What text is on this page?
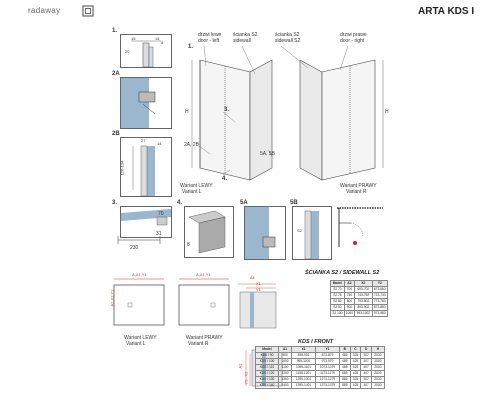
radaway	ARTA KDS I
drzwi lewe
door - left
ścianka S2
sidewall
ścianka S2
sidewall S2
drzwi prawe
door - right
1.
3.
2A, 2B
4.
5A, 5B
H	H
Wariant LEWY
Variant L
Wariant PRAWY
Variant R
1.
20
15	14
8
2A
2B
27
14
126-134
3.
230
31
70
4.
8
5A	5B
S2
A,X1,Y1
A2,X2,Y2
Wariant LEWY
Variant L
A,X1,Y1
Wariant PRAWY
Variant R
A1
X1
Y1
A2
X2
Y2
ŚCIANKA S2 / SIDEWALL S2
Model	A2	X2	Y2
S2 70	700	693-702	673-683
S2 75	750	743-752	723-733
S2 80	800	793-802	773-783
S2 90	900	893-902	873-883
S2 100	1000	993-1002	973-983
KDS I FRONT
Model	A1	X1	Y1	B	C	D	H
KDS I 90	900	895-901	873-879	485	325	307	2000
KDS I 100	1000	995-1001	973-979	485	425	407	2000
KDS I 110	1100	1095-1101	1073-1079	485	425	407	2000
KDS I 120	1200	1195-1201	1173-1179	685	425	407	2000
KDS I 130	1300	1295-1301	1273-1279	885	325	307	2000
KDS I 140	1400	1395-1401	1373-1379	885	425	407	2000
